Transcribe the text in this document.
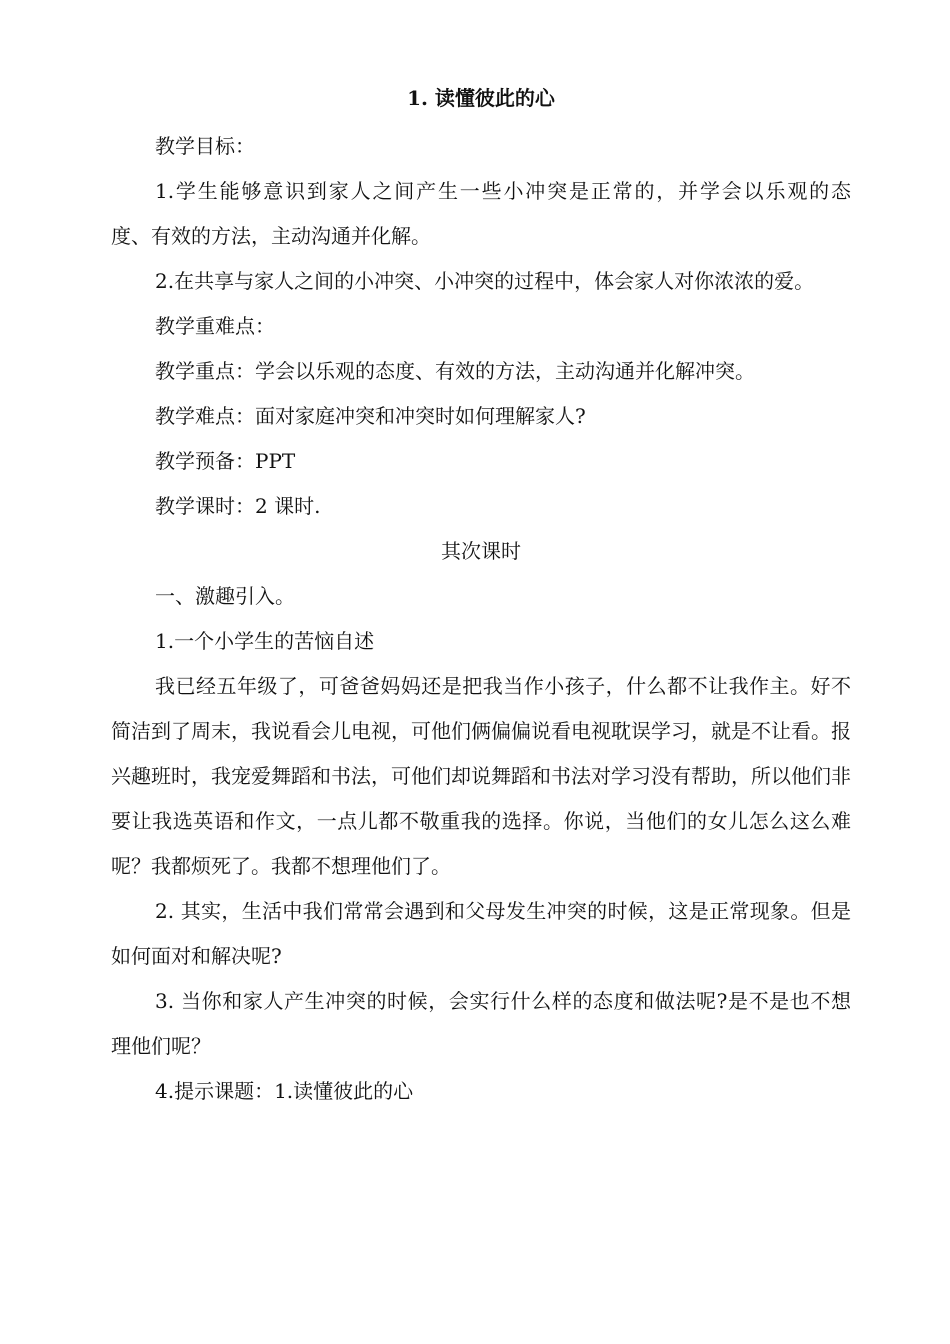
1. 读懂彼此的心

教学目标：

1.学生能够意识到家人之间产生一些小冲突是正常的，并学会以乐观的态　度、有效的方法，主动沟通并化解。

2.在共享与家人之间的小冲突、小冲突的过程中，体会家人对你浓浓的爱。

教学重难点：

教学重点：学会以乐观的态度、有效的方法，主动沟通并化解冲突。

教学难点：面对家庭冲突和冲突时如何理解家人?

教学预备：PPT

教学课时：2 课时.

其次课时

一、激趣引入。

1.一个小学生的苦恼自述

我已经五年级了，可爸爸妈妈还是把我当作小孩子，什么都不让我作主。好不简洁到了周末，我说看会儿电视，可他们俩偏偏说看电视耽误学习，就是不让看。报兴趣班时，我宠爱舞蹈和书法，可他们却说舞蹈和书法对学习没有帮助，所以他们非要让我选英语和作文，一点儿都不敬重我的选择。你说，当他们的女儿怎么这么难呢？我都烦死了。我都不想理他们了。

2. 其实，生活中我们常常会遇到和父母发生冲突的时候，这是正常现象。但是如何面对和解决呢?

3. 当你和家人产生冲突的时候，会实行什么样的态度和做法呢?是不是也不想理他们呢？

4.提示课题：1.读懂彼此的心
